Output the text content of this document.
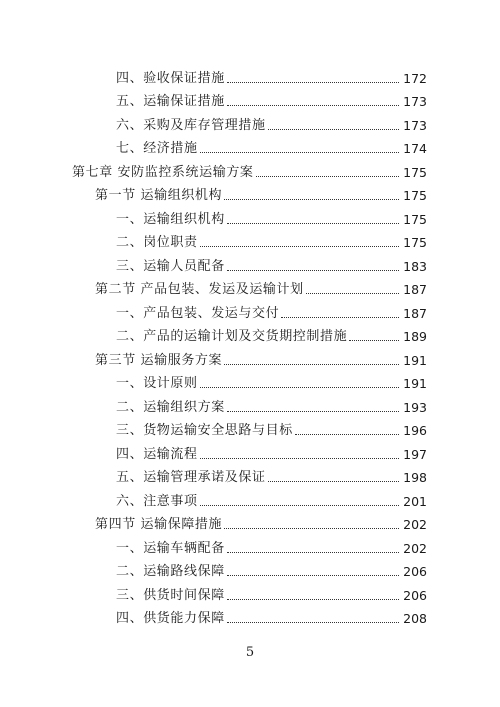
四、验收保证措施	172
五、运输保证措施	173
六、采购及库存管理措施	173
七、经济措施	174
第七章 安防监控系统运输方案	175
第一节 运输组织机构	175
一、运输组织机构	175
二、岗位职责	175
三、运输人员配备	183
第二节 产品包装、发运及运输计划	187
一、产品包装、发运与交付	187
二、产品的运输计划及交货期控制措施	189
第三节 运输服务方案	191
一、设计原则	191
二、运输组织方案	193
三、货物运输安全思路与目标	196
四、运输流程	197
五、运输管理承诺及保证	198
六、注意事项	201
第四节 运输保障措施	202
一、运输车辆配备	202
二、运输路线保障	206
三、供货时间保障	206
四、供货能力保障	208
5
